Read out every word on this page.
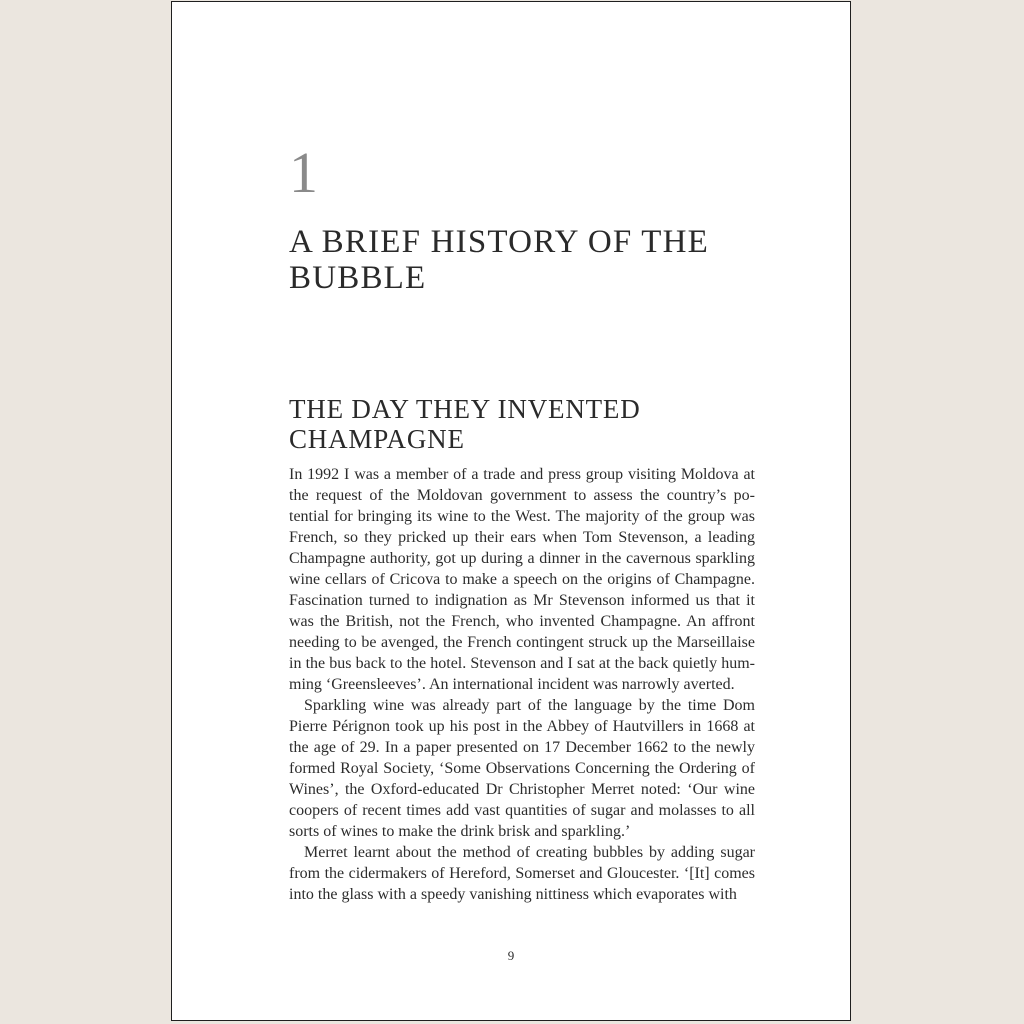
1
A BRIEF HISTORY OF THE BUBBLE
THE DAY THEY INVENTED CHAMPAGNE

In 1992 I was a member of a trade and press group visiting Moldova at the request of the Moldovan government to assess the country’s potential for bringing its wine to the West. The majority of the group was French, so they pricked up their ears when Tom Stevenson, a leading Champagne authority, got up during a dinner in the cavernous sparkling wine cellars of Cricova to make a speech on the origins of Champagne. Fascination turned to indignation as Mr Stevenson informed us that it was the British, not the French, who invented Champagne. An affront needing to be avenged, the French contingent struck up the Marseillaise in the bus back to the hotel. Stevenson and I sat at the back quietly humming ‘Greensleeves’. An international incident was narrowly averted.

Sparkling wine was already part of the language by the time Dom Pierre Pérignon took up his post in the Abbey of Hautvillers in 1668 at the age of 29. In a paper presented on 17 December 1662 to the newly formed Royal Society, ‘Some Observations Concerning the Ordering of Wines’, the Oxford-educated Dr Christopher Merret noted: ‘Our wine coopers of recent times add vast quantities of sugar and molasses to all sorts of wines to make the drink brisk and sparkling.’

Merret learnt about the method of creating bubbles by adding sugar from the cidermakers of Hereford, Somerset and Gloucester. ‘[It] comes into the glass with a speedy vanishing nittiness which evaporates with

9
